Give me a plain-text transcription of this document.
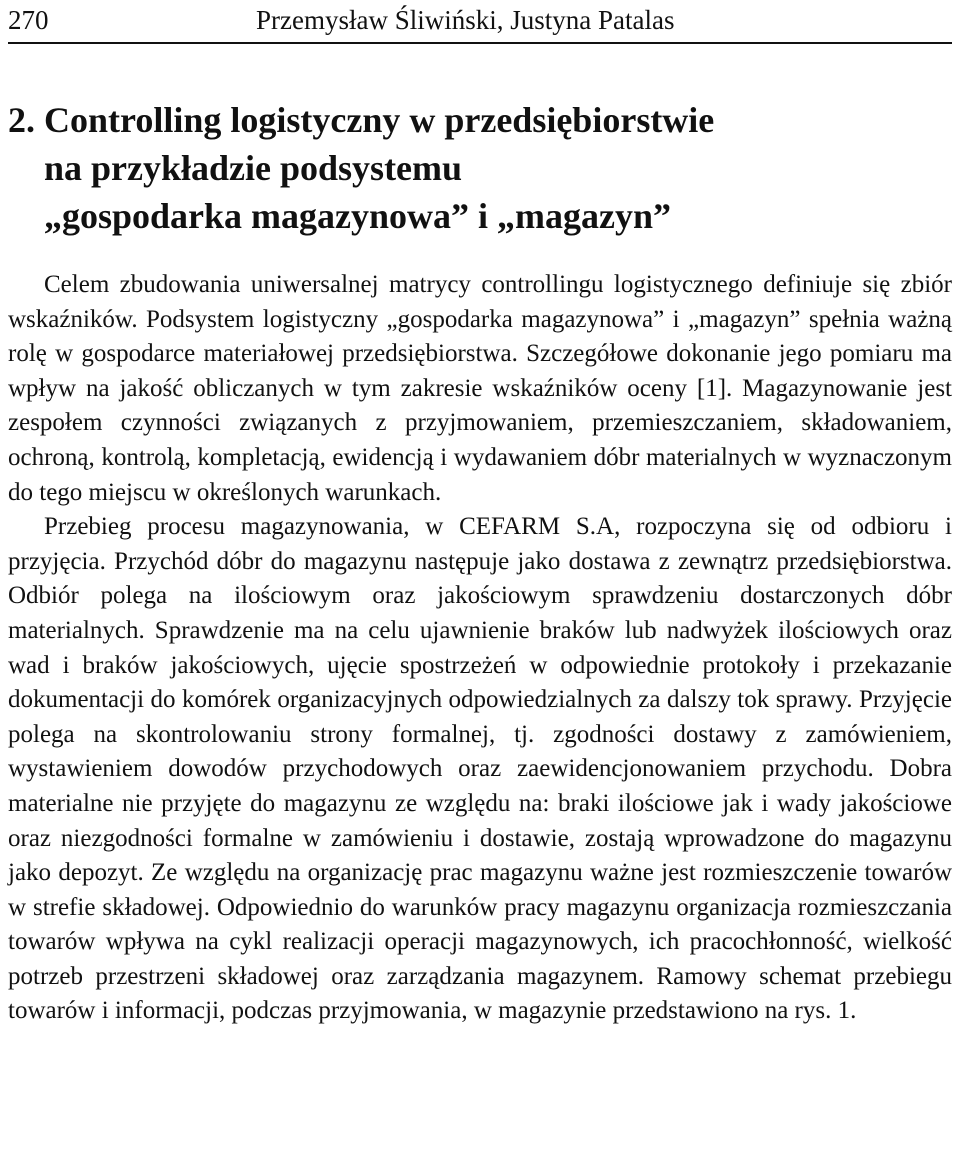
270	Przemysław Śliwiński, Justyna Patalas
2. Controlling logistyczny w przedsiębiorstwie
na przykładzie podsystemu
„gospodarka magazynowa” i „magazyn”

Celem zbudowania uniwersalnej matrycy controllingu logistycznego definiuje się zbiór wskaźników. Podsystem logistyczny „gospodarka magazynowa” i „magazyn” spełnia ważną rolę w gospodarce materiałowej przedsiębiorstwa. Szczegółowe dokonanie jego pomiaru ma wpływ na jakość obliczanych w tym zakresie wskaźników oceny [1]. Magazynowanie jest zespołem czynności związanych z przyjmowaniem, przemieszczaniem, składowaniem, ochroną, kontrolą, kompletacją, ewidencją i wydawaniem dóbr materialnych w wyznaczonym do tego miejscu w określonych warunkach.

Przebieg procesu magazynowania, w CEFARM S.A, rozpoczyna się od odbioru i przyjęcia. Przychód dóbr do magazynu następuje jako dostawa z zewnątrz przedsiębiorstwa. Odbiór polega na ilościowym oraz jakościowym sprawdzeniu dostarczonych dóbr materialnych. Sprawdzenie ma na celu ujawnienie braków lub nadwyżek ilościowych oraz wad i braków jakościowych, ujęcie spostrzeżeń w odpowiednie protokoły i przekazanie dokumentacji do komórek organizacyjnych odpowiedzialnych za dalszy tok sprawy. Przyjęcie polega na skontrolowaniu strony formalnej, tj. zgodności dostawy z zamówieniem, wystawieniem dowodów przychodowych oraz zaewidencjonowaniem przychodu. Dobra materialne nie przyjęte do magazynu ze względu na: braki ilościowe jak i wady jakościowe oraz niezgodności formalne w zamówieniu i dostawie, zostają wprowadzone do magazynu jako depozyt. Ze względu na organizację prac magazynu ważne jest rozmieszczenie towarów w strefie składowej. Odpowiednio do warunków pracy magazynu organizacja rozmieszczania towarów wpływa na cykl realizacji operacji magazynowych, ich pracochłonność, wielkość potrzeb przestrzeni składowej oraz zarządzania magazynem. Ramowy schemat przebiegu towarów i informacji, podczas przyjmowania, w magazynie przedstawiono na rys. 1.
